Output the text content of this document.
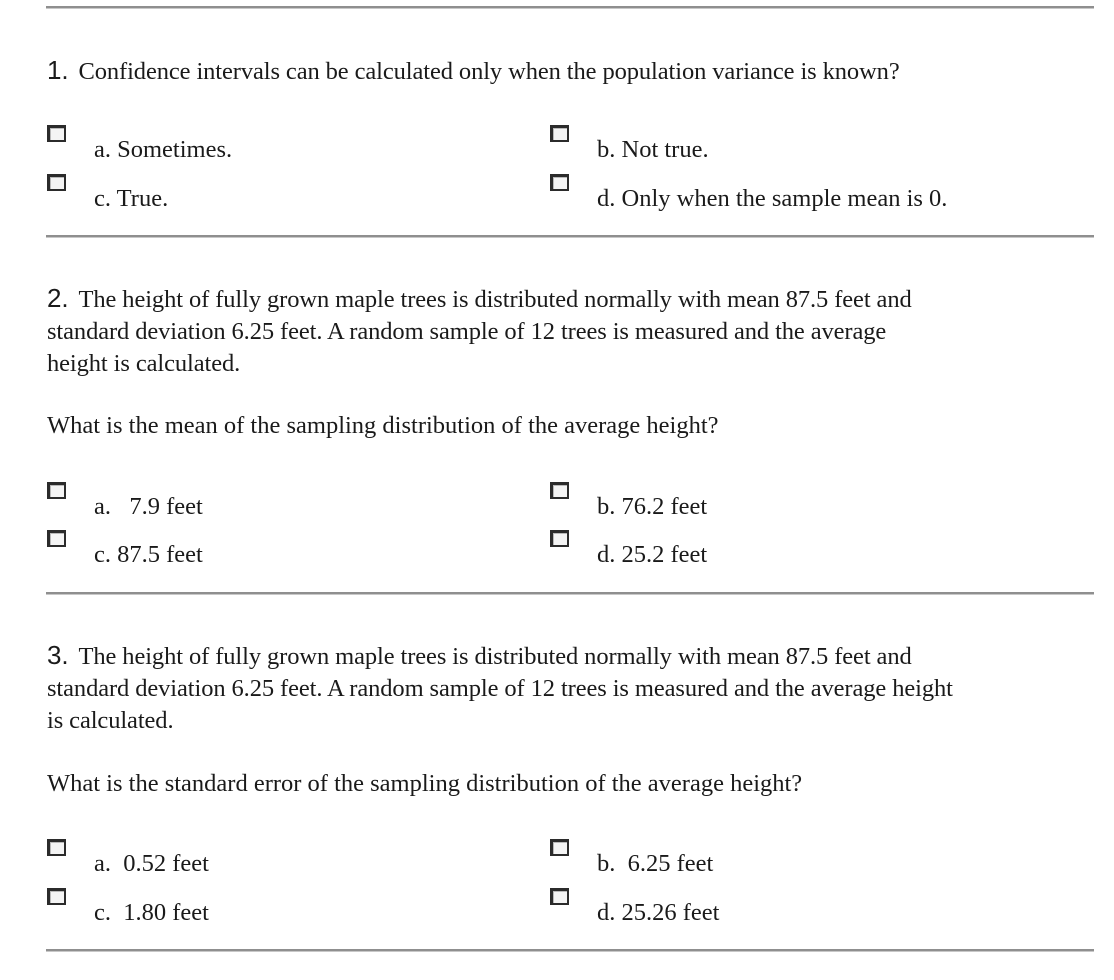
1. Confidence intervals can be calculated only when the population variance is known?
a. Sometimes.	b. Not true.
c. True.	d. Only when the sample mean is 0.
2. The height of fully grown maple trees is distributed normally with mean 87.5 feet and
standard deviation 6.25 feet. A random sample of 12 trees is measured and the average
height is calculated.
What is the mean of the sampling distribution of the average height?
a.   7.9 feet	b. 76.2 feet
c. 87.5 feet	d. 25.2 feet
3. The height of fully grown maple trees is distributed normally with mean 87.5 feet and
standard deviation 6.25 feet. A random sample of 12 trees is measured and the average height
is calculated.
What is the standard error of the sampling distribution of the average height?
a.  0.52 feet	b.  6.25 feet
c.  1.80 feet	d. 25.26 feet
